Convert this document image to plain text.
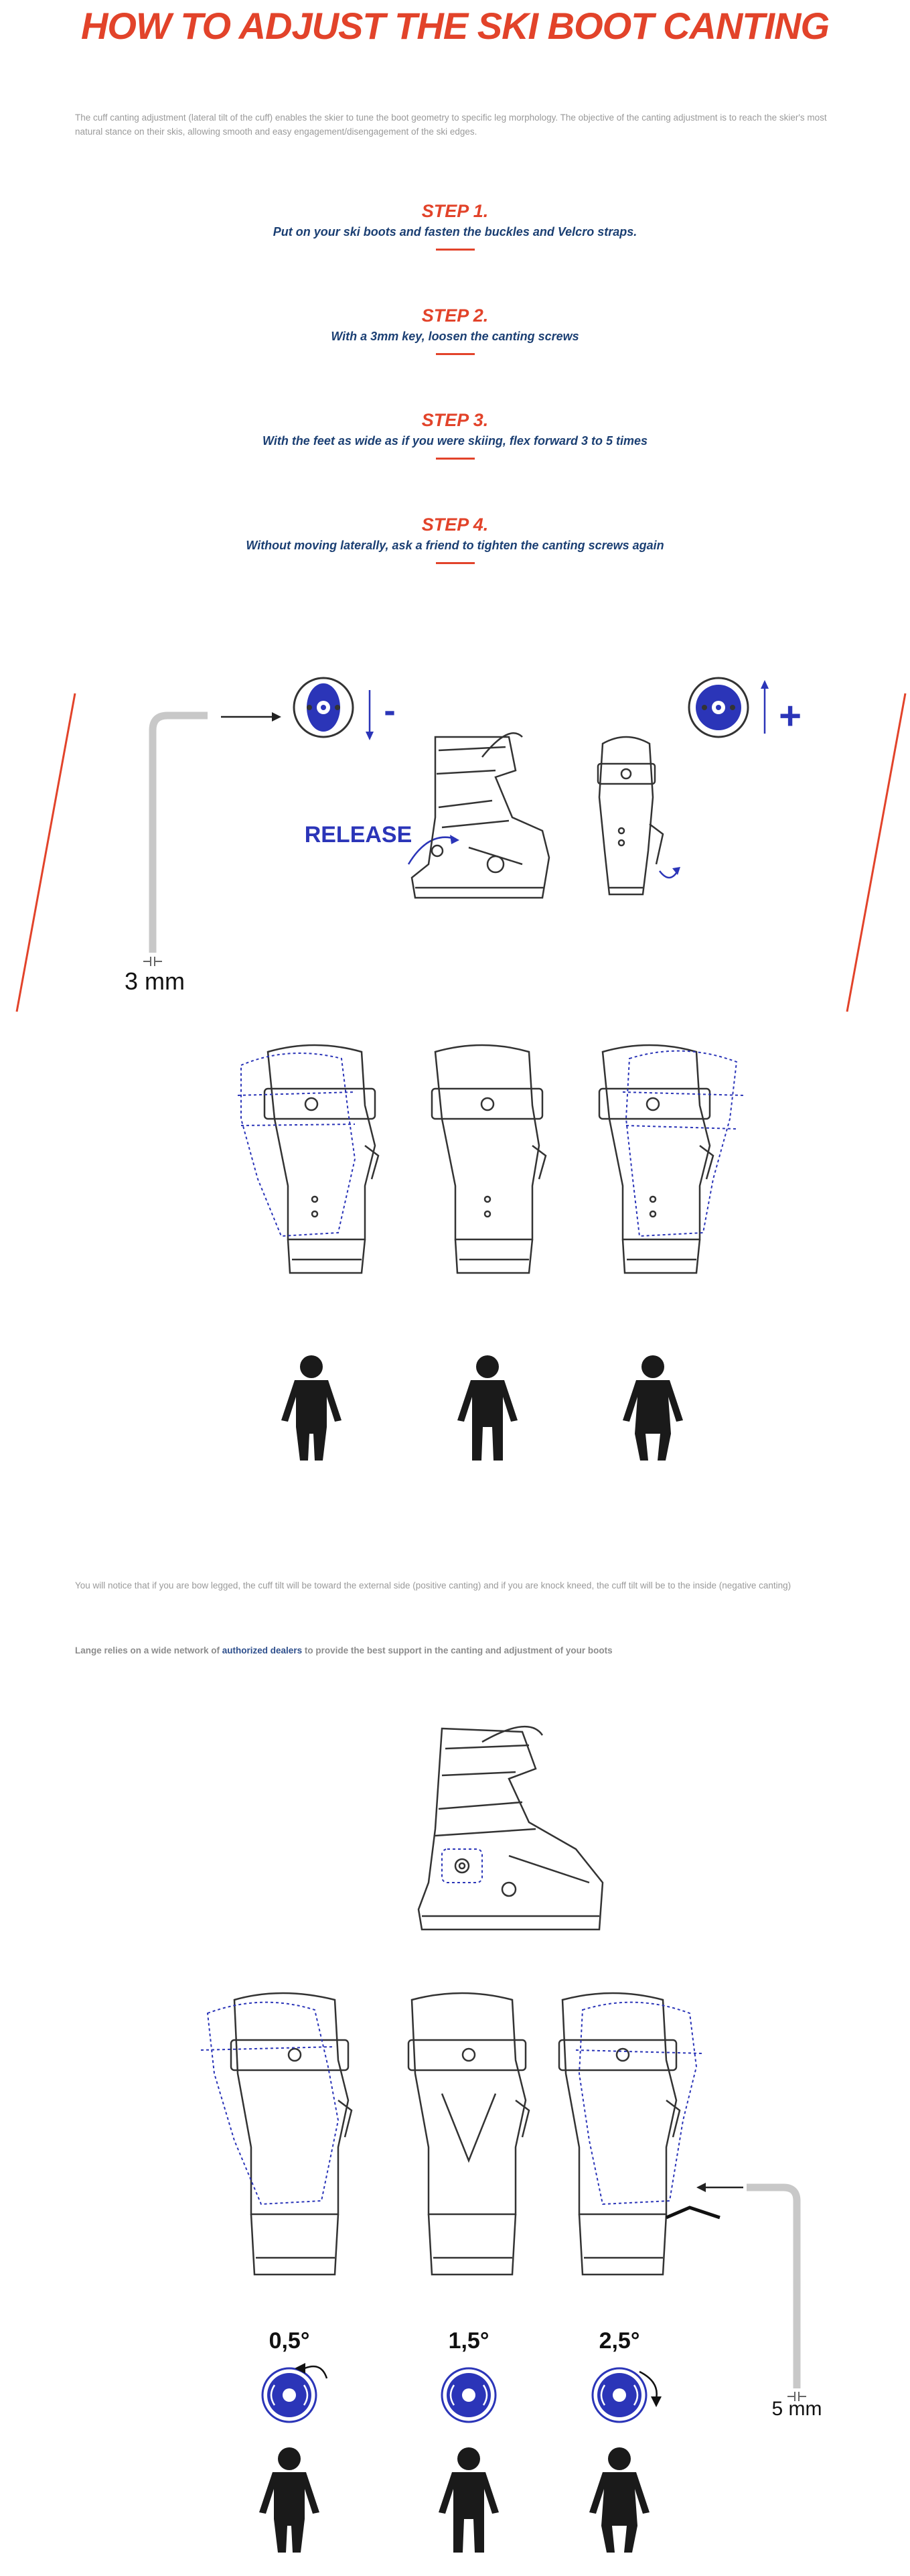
HOW TO ADJUST THE SKI BOOT CANTING
The cuff canting adjustment (lateral tilt of the cuff) enables the skier to tune the boot geometry to specific leg morphology. The objective of the canting adjustment is to reach the skier's most natural stance on their skis, allowing smooth and easy engagement/disengagement of the ski edges.
STEP 1.
Put on your ski boots and fasten the buckles and Velcro straps.
STEP 2.
With a 3mm key, loosen the canting screws
STEP 3.
With the feet as wide as if you were skiing, flex forward 3 to 5 times
STEP 4.
Without moving laterally, ask a friend to tighten the canting screws again
3 mm
-	+
RELEASE
You will notice that if you are bow legged, the cuff tilt will be toward the external side (positive canting) and if you are knock kneed, the cuff tilt will be to the inside (negative canting)
Lange relies on a wide network of authorized dealers to provide the best support in the canting and adjustment of your boots
5 mm
0,5°	1,5°	2,5°
